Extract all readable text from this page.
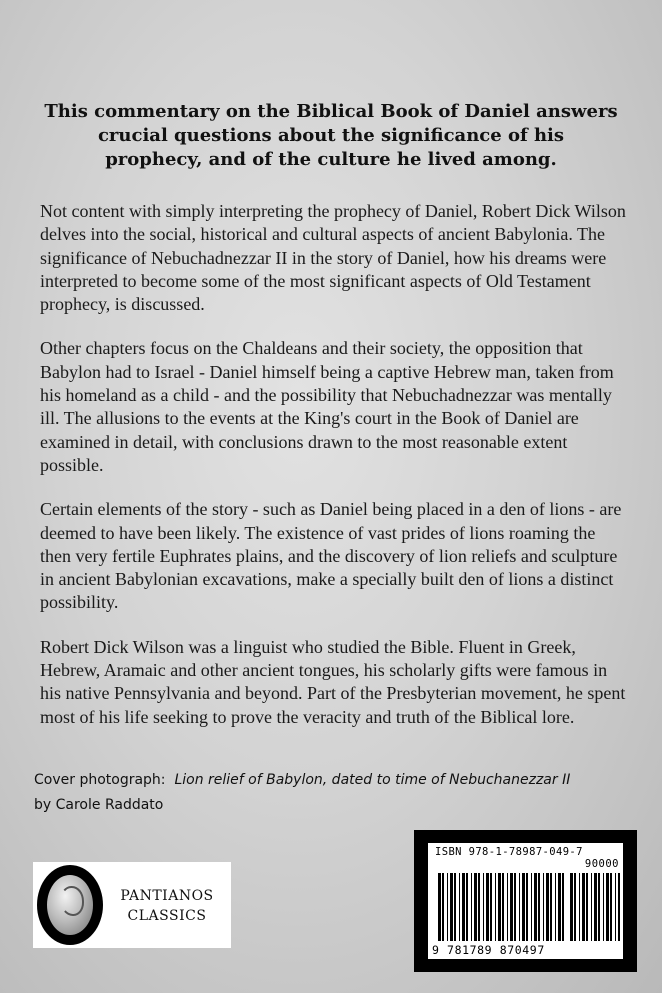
This commentary on the Biblical Book of Daniel answers

crucial questions about the significance of his

prophecy, and of the culture he lived among.

Not content with simply interpreting the prophecy of Daniel, Robert Dick Wilson delves into the social, historical and cultural aspects of ancient Babylonia. The significance of Nebuchadnezzar II in the story of Daniel, how his dreams were interpreted to become some of the most significant aspects of Old Testament prophecy, is discussed.

Other chapters focus on the Chaldeans and their society, the opposition that Babylon had to Israel - Daniel himself being a captive Hebrew man, taken from his homeland as a child - and the possibility that Nebuchadnezzar was mentally ill. The allusions to the events at the King's court in the Book of Daniel are examined in detail, with conclusions drawn to the most reasonable extent possible.

Certain elements of the story - such as Daniel being placed in a den of lions - are deemed to have been likely. The existence of vast prides of lions roaming the then very fertile Euphrates plains, and the discovery of lion reliefs and sculpture in ancient Babylonian excavations, make a specially built den of lions a distinct possibility.

Robert Dick Wilson was a linguist who studied the Bible. Fluent in Greek, Hebrew, Aramaic and other ancient tongues, his scholarly gifts were famous in his native Pennsylvania and beyond. Part of the Presbyterian movement, he spent most of his life seeking to prove the veracity and truth of the Biblical lore.

Cover photograph: Lion relief of Babylon, dated to time of Nebuchanezzar II
by Carole Raddato
PANTIANOS
CLASSICS
ISBN 978-1-78987-049-7
90000
9 781789 870497
